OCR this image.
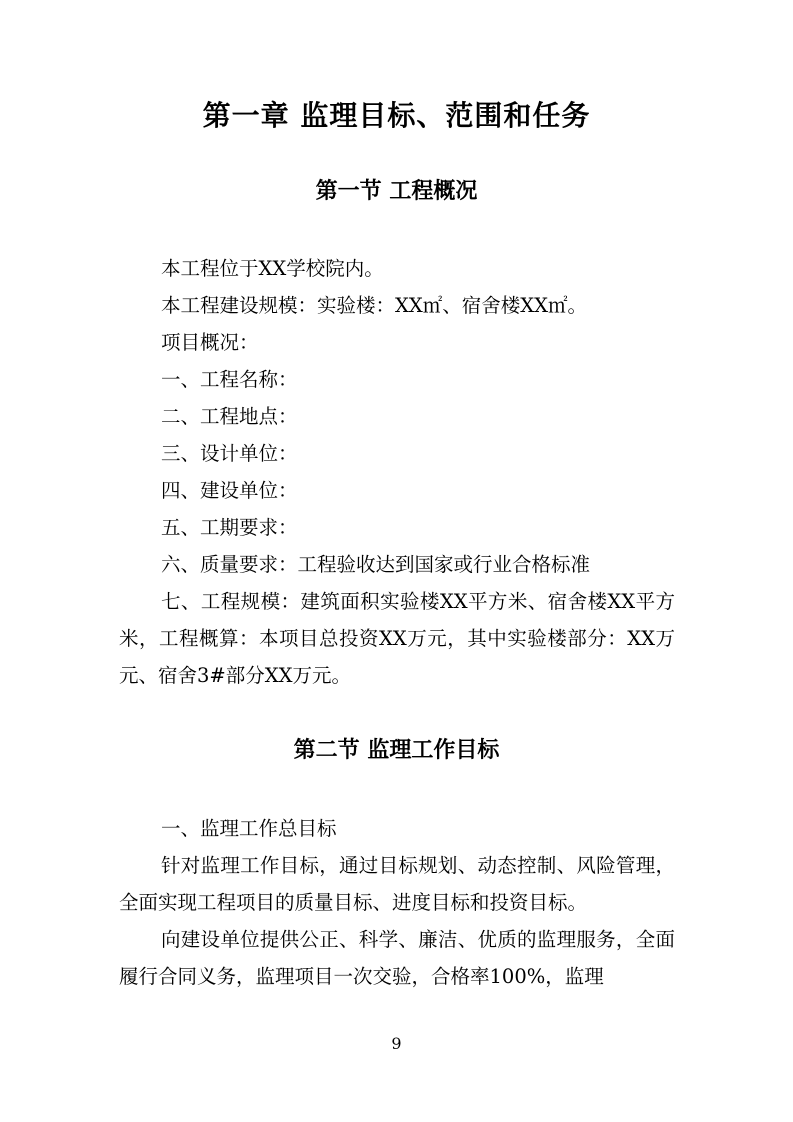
第一章 监理目标、范围和任务
第一节 工程概况

本工程位于XX学校院内。

本工程建设规模：实验楼：XX㎡、宿舍楼XX㎡。

项目概况：

一、工程名称：

二、工程地点：

三、设计单位：

四、建设单位：

五、工期要求：

六、质量要求：工程验收达到国家或行业合格标准

七、工程规模：建筑面积实验楼XX平方米、宿舍楼XX平方米，工程概算：本项目总投资XX万元，其中实验楼部分：XX万元、宿舍3#部分XX万元。

第二节 监理工作目标

一、监理工作总目标

针对监理工作目标，通过目标规划、动态控制、风险管理，全面实现工程项目的质量目标、进度目标和投资目标。

向建设单位提供公正、科学、廉洁、优质的监理服务，全面履行合同义务，监理项目一次交验，合格率100%，监理

9
